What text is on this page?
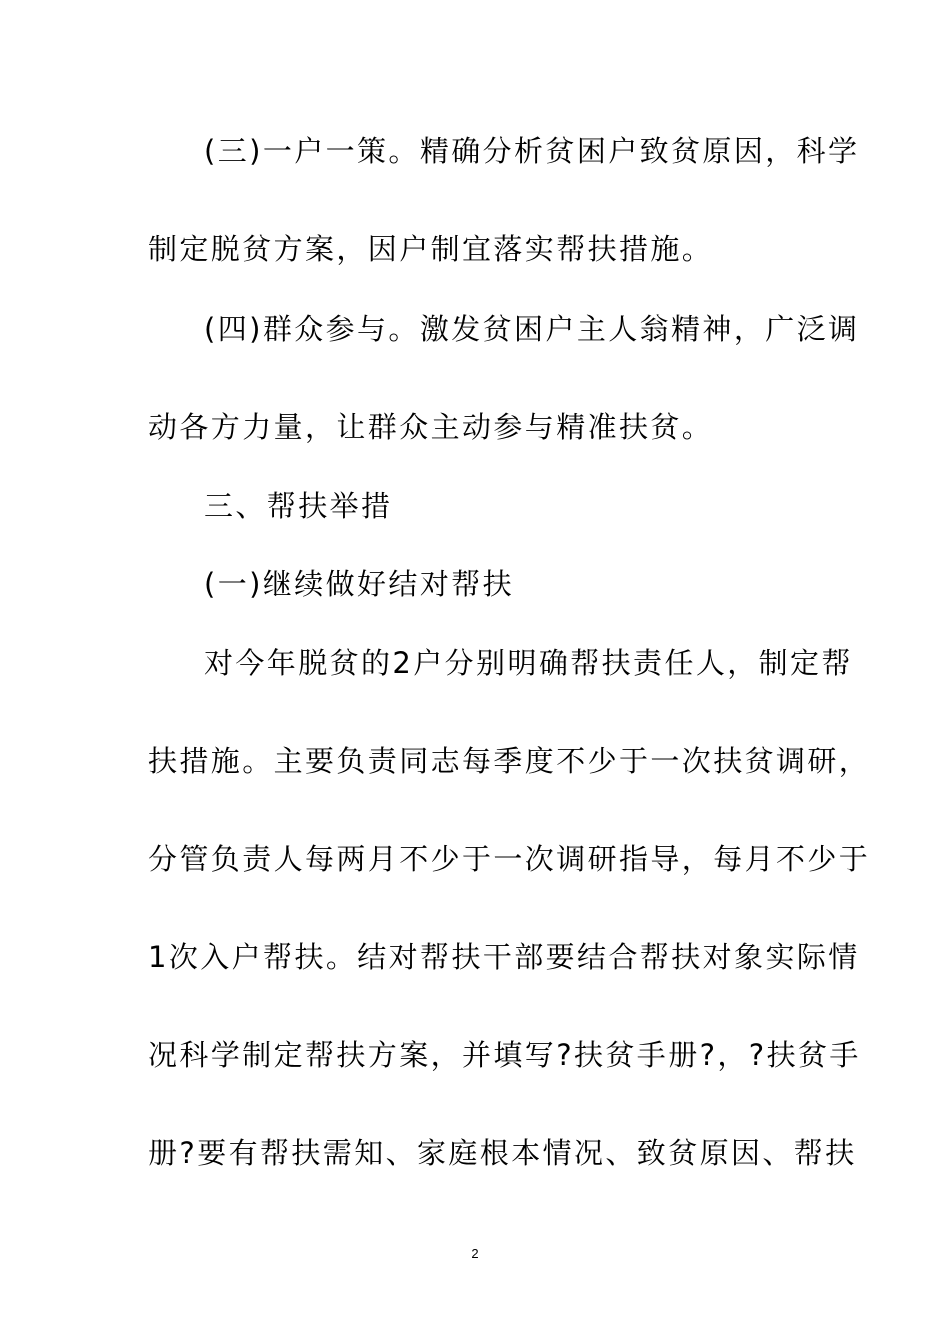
(三)一户一策。精确分析贫困户致贫原因，科学
制定脱贫方案，因户制宜落实帮扶措施。
(四)群众参与。激发贫困户主人翁精神，广泛调
动各方力量，让群众主动参与精准扶贫。
三、帮扶举措
(一)继续做好结对帮扶
对今年脱贫的2户分别明确帮扶责任人，制定帮
扶措施。主要负责同志每季度不少于一次扶贫调研，
分管负责人每两月不少于一次调研指导，每月不少于
1次入户帮扶。结对帮扶干部要结合帮扶对象实际情
况科学制定帮扶方案，并填写?扶贫手册?，?扶贫手
册?要有帮扶需知、家庭根本情况、致贫原因、帮扶
2
